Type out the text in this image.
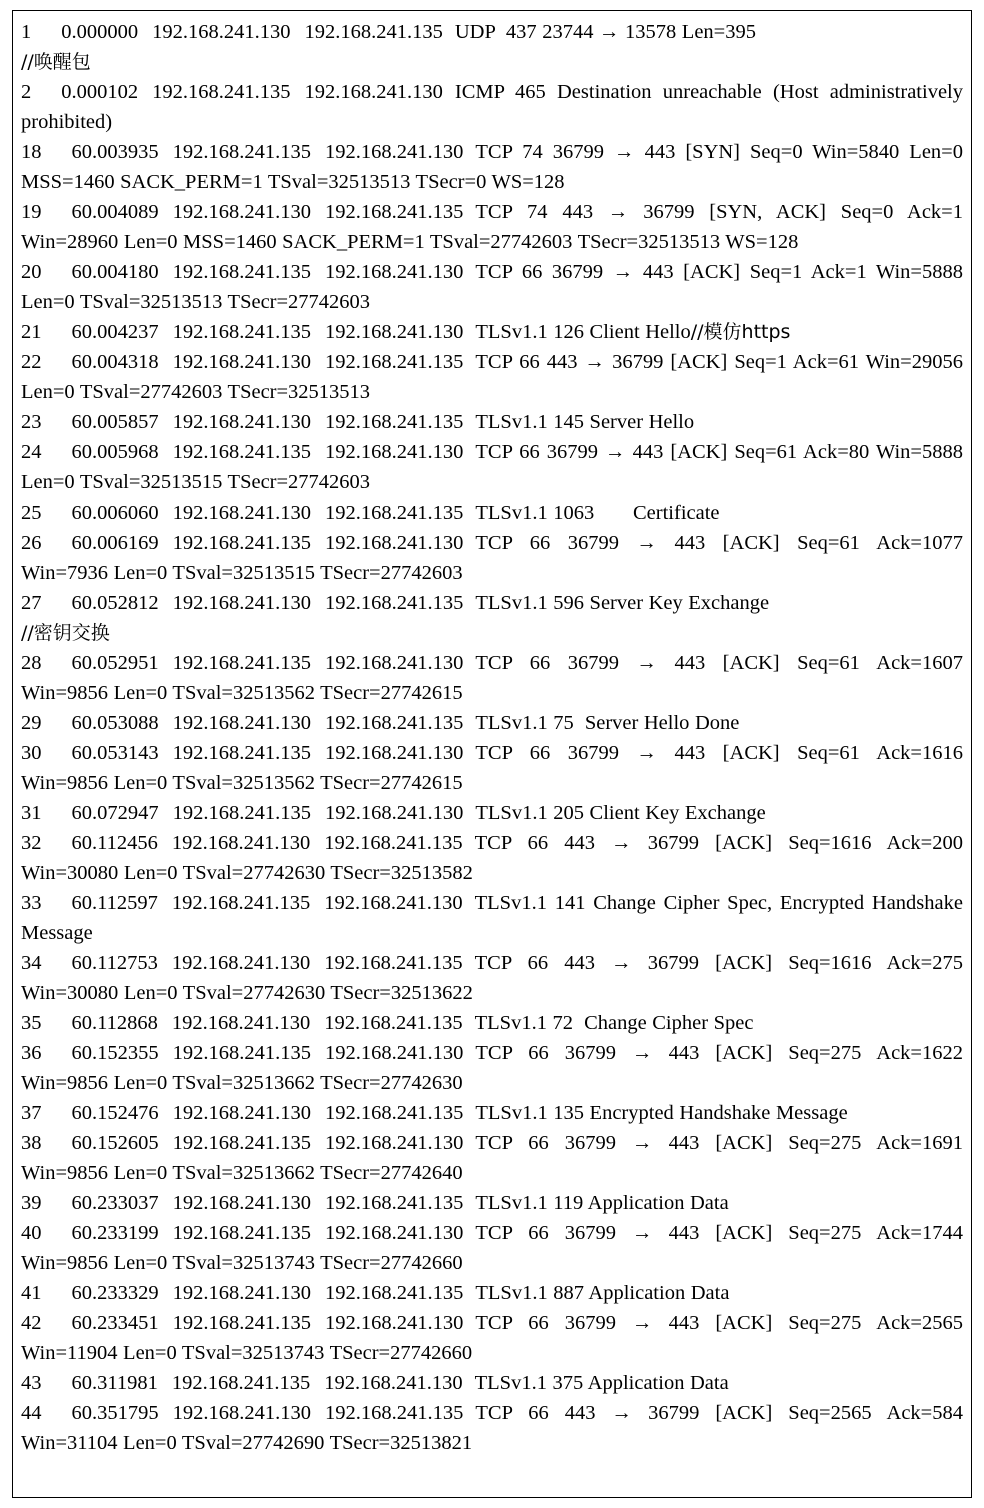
1 0.000000 192.168.241.130 192.168.241.135 UDP 437 23744 → 13578 Len=395
//唤醒包

2 0.000102 192.168.241.135 192.168.241.130 ICMP 465 Destination unreachable (Host administratively prohibited)

18 60.003935 192.168.241.135 192.168.241.130 TCP 74 36799 → 443 [SYN] Seq=0 Win=5840 Len=0 MSS=1460 SACK_PERM=1 TSval=32513513 TSecr=0 WS=128

19 60.004089 192.168.241.130 192.168.241.135 TCP 74 443 → 36799 [SYN, ACK] Seq=0 Ack=1 Win=28960 Len=0 MSS=1460 SACK_PERM=1 TSval=27742603 TSecr=32513513 WS=128

20 60.004180 192.168.241.135 192.168.241.130 TCP 66 36799 → 443 [ACK] Seq=1 Ack=1 Win=5888 Len=0 TSval=32513513 TSecr=27742603

21 60.004237 192.168.241.135 192.168.241.130 TLSv1.1 126 Client Hello//模仿https

22 60.004318 192.168.241.130 192.168.241.135 TCP 66 443 → 36799 [ACK] Seq=1 Ack=61 Win=29056 Len=0 TSval=27742603 TSecr=32513513

23 60.005857 192.168.241.130 192.168.241.135 TLSv1.1 145 Server Hello

24 60.005968 192.168.241.135 192.168.241.130 TCP 66 36799 → 443 [ACK] Seq=61 Ack=80 Win=5888 Len=0 TSval=32513515 TSecr=27742603

25 60.006060 192.168.241.130 192.168.241.135 TLSv1.1 1063 Certificate

26 60.006169 192.168.241.135 192.168.241.130 TCP 66 36799 → 443 [ACK] Seq=61 Ack=1077 Win=7936 Len=0 TSval=32513515 TSecr=27742603

27 60.052812 192.168.241.130 192.168.241.135 TLSv1.1 596 Server Key Exchange
//密钥交换

28 60.052951 192.168.241.135 192.168.241.130 TCP 66 36799 → 443 [ACK] Seq=61 Ack=1607 Win=9856 Len=0 TSval=32513562 TSecr=27742615

29 60.053088 192.168.241.130 192.168.241.135 TLSv1.1 75 Server Hello Done

30 60.053143 192.168.241.135 192.168.241.130 TCP 66 36799 → 443 [ACK] Seq=61 Ack=1616 Win=9856 Len=0 TSval=32513562 TSecr=27742615

31 60.072947 192.168.241.135 192.168.241.130 TLSv1.1 205 Client Key Exchange

32 60.112456 192.168.241.130 192.168.241.135 TCP 66 443 → 36799 [ACK] Seq=1616 Ack=200 Win=30080 Len=0 TSval=27742630 TSecr=32513582

33 60.112597 192.168.241.135 192.168.241.130 TLSv1.1 141 Change Cipher Spec, Encrypted Handshake Message

34 60.112753 192.168.241.130 192.168.241.135 TCP 66 443 → 36799 [ACK] Seq=1616 Ack=275 Win=30080 Len=0 TSval=27742630 TSecr=32513622

35 60.112868 192.168.241.130 192.168.241.135 TLSv1.1 72 Change Cipher Spec

36 60.152355 192.168.241.135 192.168.241.130 TCP 66 36799 → 443 [ACK] Seq=275 Ack=1622 Win=9856 Len=0 TSval=32513662 TSecr=27742630

37 60.152476 192.168.241.130 192.168.241.135 TLSv1.1 135 Encrypted Handshake Message

38 60.152605 192.168.241.135 192.168.241.130 TCP 66 36799 → 443 [ACK] Seq=275 Ack=1691 Win=9856 Len=0 TSval=32513662 TSecr=27742640

39 60.233037 192.168.241.130 192.168.241.135 TLSv1.1 119 Application Data

40 60.233199 192.168.241.135 192.168.241.130 TCP 66 36799 → 443 [ACK] Seq=275 Ack=1744 Win=9856 Len=0 TSval=32513743 TSecr=27742660

41 60.233329 192.168.241.130 192.168.241.135 TLSv1.1 887 Application Data

42 60.233451 192.168.241.135 192.168.241.130 TCP 66 36799 → 443 [ACK] Seq=275 Ack=2565 Win=11904 Len=0 TSval=32513743 TSecr=27742660

43 60.311981 192.168.241.135 192.168.241.130 TLSv1.1 375 Application Data

44 60.351795 192.168.241.130 192.168.241.135 TCP 66 443 → 36799 [ACK] Seq=2565 Ack=584 Win=31104 Len=0 TSval=27742690 TSecr=32513821
